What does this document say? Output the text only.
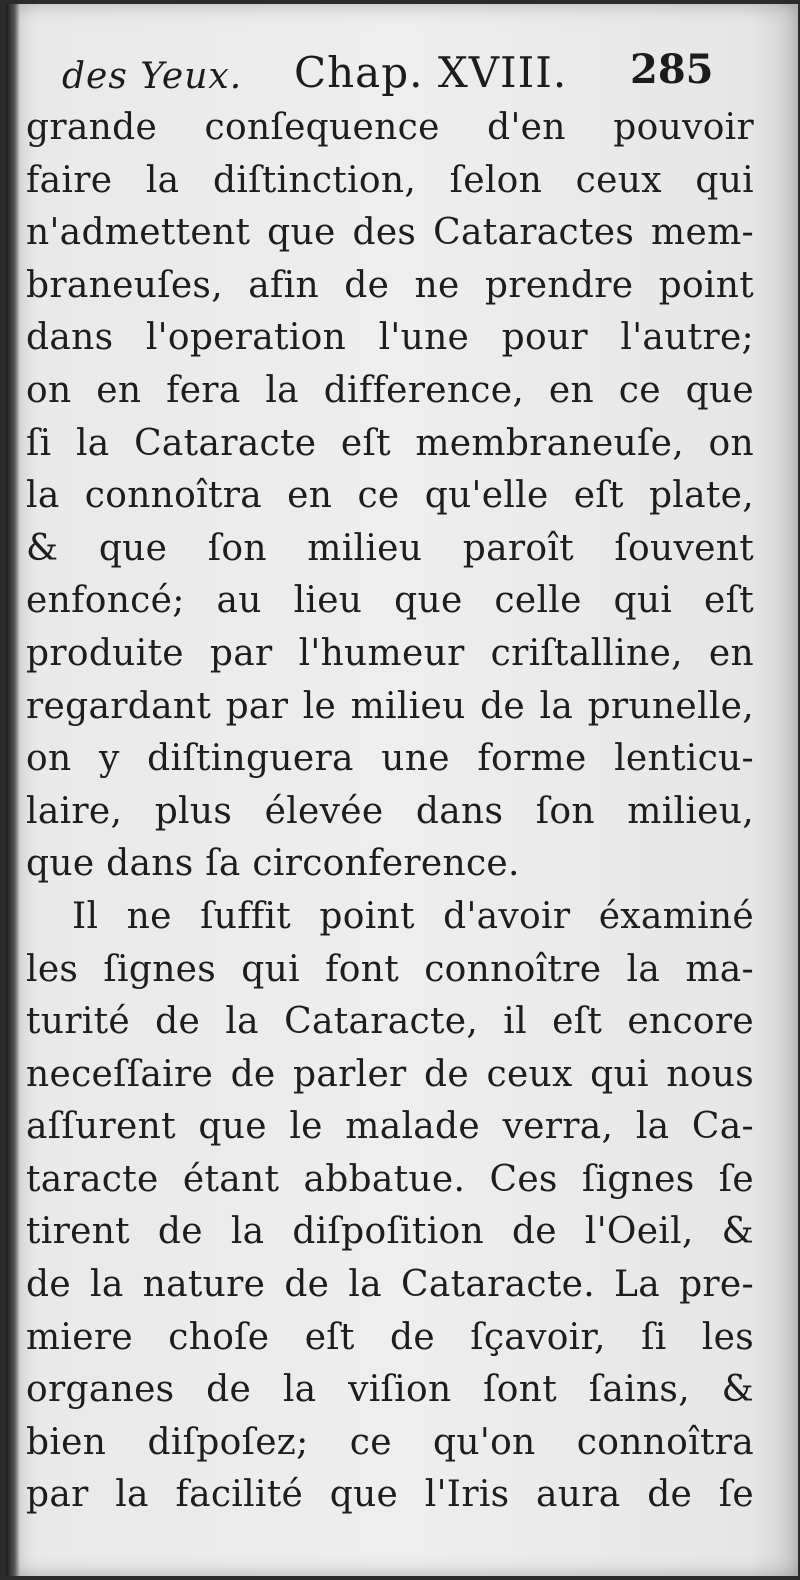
des Yeux. Chap. XVIII. 285
grande conſequence d'en pouvoir
faire la diſtinction, ſelon ceux qui
n'admettent que des Cataractes mem-
braneuſes, afin de ne prendre point
dans l'operation l'une pour l'autre;
on en fera la difference, en ce que
ſi la Cataracte eſt membraneuſe, on
la connoîtra en ce qu'elle eſt plate,
& que ſon milieu paroît ſouvent
enfoncé; au lieu que celle qui eſt
produite par l'humeur criſtalline, en
regardant par le milieu de la prunelle,
on y diſtinguera une forme lenticu-
laire, plus élevée dans ſon milieu,
que dans ſa circonference.
Il ne ſuffit point d'avoir éxaminé
les ſignes qui font connoître la ma-
turité de la Cataracte, il eſt encore
neceſſaire de parler de ceux qui nous
aſſurent que le malade verra, la Ca-
taracte étant abbatue. Ces ſignes ſe
tirent de la diſpoſition de l'Oeil, &
de la nature de la Cataracte. La pre-
miere choſe eſt de ſçavoir, ſi les
organes de la viſion ſont ſains, &
bien diſpoſez; ce qu'on connoîtra
par la facilité que l'Iris aura de ſe
